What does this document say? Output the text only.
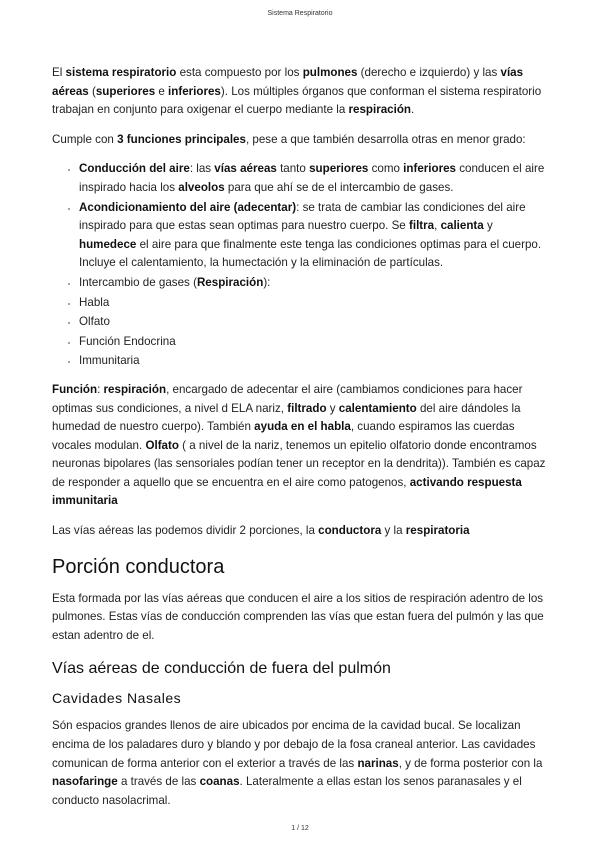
Sistema Respiratorio

El sistema respiratorio esta compuesto por los pulmones (derecho e izquierdo) y las vías aéreas (superiores e inferiores). Los múltiples órganos que conforman el sistema respiratorio trabajan en conjunto para oxigenar el cuerpo mediante la respiración.

Cumple con 3 funciones principales, pese a que también desarrolla otras en menor grado:

• Conducción del aire: las vías aéreas tanto superiores como inferiores conducen el aire inspirado hacia los alveolos para que ahí se de el intercambio de gases.
• Acondicionamiento del aire (adecentar): se trata de cambiar las condiciones del aire inspirado para que estas sean optimas para nuestro cuerpo. Se filtra, calienta y humedece el aire para que finalmente este tenga las condiciones optimas para el cuerpo. Incluye el calentamiento, la humectación y la eliminación de partículas.
• Intercambio de gases (Respiración):
• Habla
• Olfato
• Función Endocrina
• Immunitaria

Función: respiración, encargado de adecentar el aire (cambiamos condiciones para hacer optimas sus condiciones, a nivel d ELA nariz, filtrado y calentamiento del aire dándoles la humedad de nuestro cuerpo). También ayuda en el habla, cuando espiramos las cuerdas vocales modulan. Olfato ( a nivel de la nariz, tenemos un epitelio olfatorio donde encontramos neuronas bipolares (las sensoriales podían tener un receptor en la dendrita)). También es capaz de responder a aquello que se encuentra en el aire como patogenos, activando respuesta immunitaria

Las vías aéreas las podemos dividir 2 porciones, la conductora y la respiratoria

Porción conductora

Esta formada por las vías aéreas que conducen el aire a los sitios de respiración adentro de los pulmones. Estas vías de conducción comprenden las vías que estan fuera del pulmón y las que estan adentro de el.

Vías aéreas de conducción de fuera del pulmón
Cavidades Nasales

Són espacios grandes llenos de aire ubicados por encima de la cavidad bucal. Se localizan encima de los paladares duro y blando y por debajo de la fosa craneal anterior. Las cavidades comunican de forma anterior con el exterior a través de las narinas, y de forma posterior con la nasofaringe a través de las coanas. Lateralmente a ellas estan los senos paranasales y el conducto nasolacrimal.

1 / 12
